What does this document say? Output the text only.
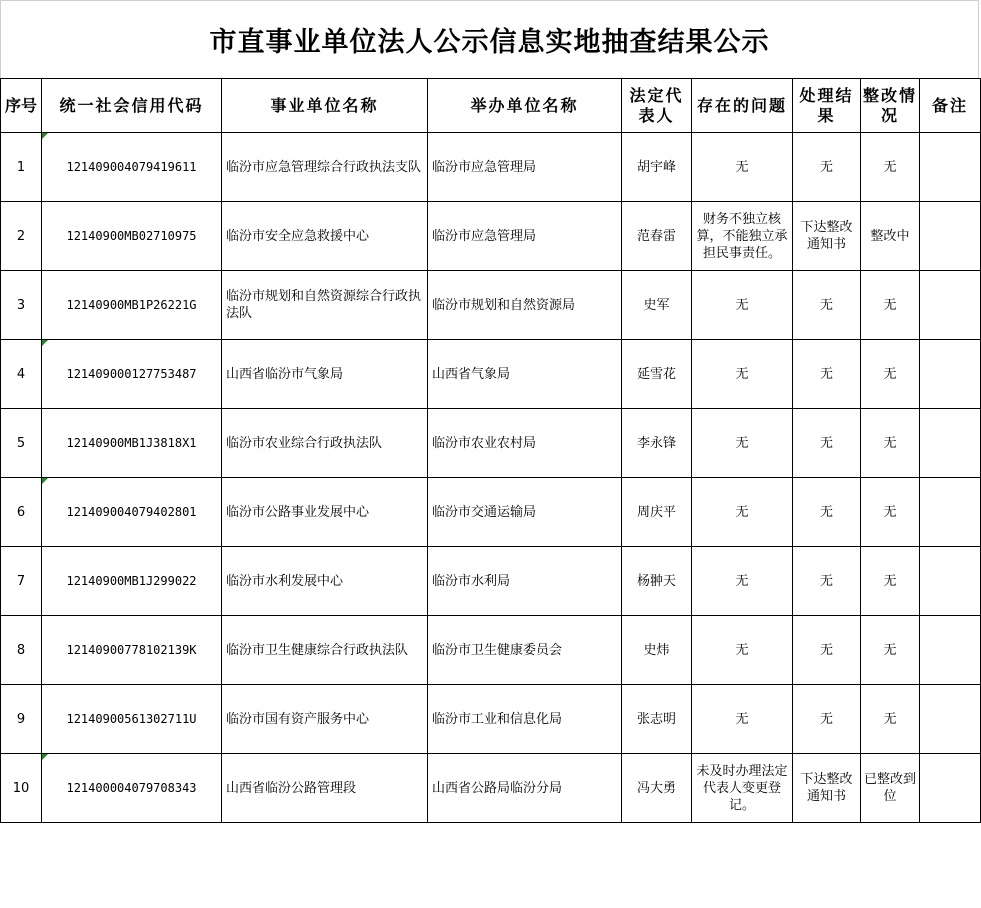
市直事业单位法人公示信息实地抽查结果公示
序号	统一社会信用代码	事业单位名称	举办单位名称	法定代表人	存在的问题	处理结果	整改情况	备注
1	121409004079419611	临汾市应急管理综合行政执法支队	临汾市应急管理局	胡宇峰	无	无	无	
2	12140900MB02710975	临汾市安全应急救援中心	临汾市应急管理局	范春雷	财务不独立核算，不能独立承担民事责任。	下达整改通知书	整改中	
3	12140900MB1P26221G	临汾市规划和自然资源综合行政执法队	临汾市规划和自然资源局	史军	无	无	无	
4	121409000127753487	山西省临汾市气象局	山西省气象局	延雪花	无	无	无	
5	12140900MB1J3818X1	临汾市农业综合行政执法队	临汾市农业农村局	李永锋	无	无	无	
6	121409004079402801	临汾市公路事业发展中心	临汾市交通运输局	周庆平	无	无	无	
7	12140900MB1J299022	临汾市水利发展中心	临汾市水利局	杨翀天	无	无	无	
8	12140900778102139K	临汾市卫生健康综合行政执法队	临汾市卫生健康委员会	史炜	无	无	无	
9	12140900561302711U	临汾市国有资产服务中心	临汾市工业和信息化局	张志明	无	无	无	
10	121400004079708343	山西省临汾公路管理段	山西省公路局临汾分局	冯大勇	未及时办理法定代表人变更登记。	下达整改通知书	已整改到位	
